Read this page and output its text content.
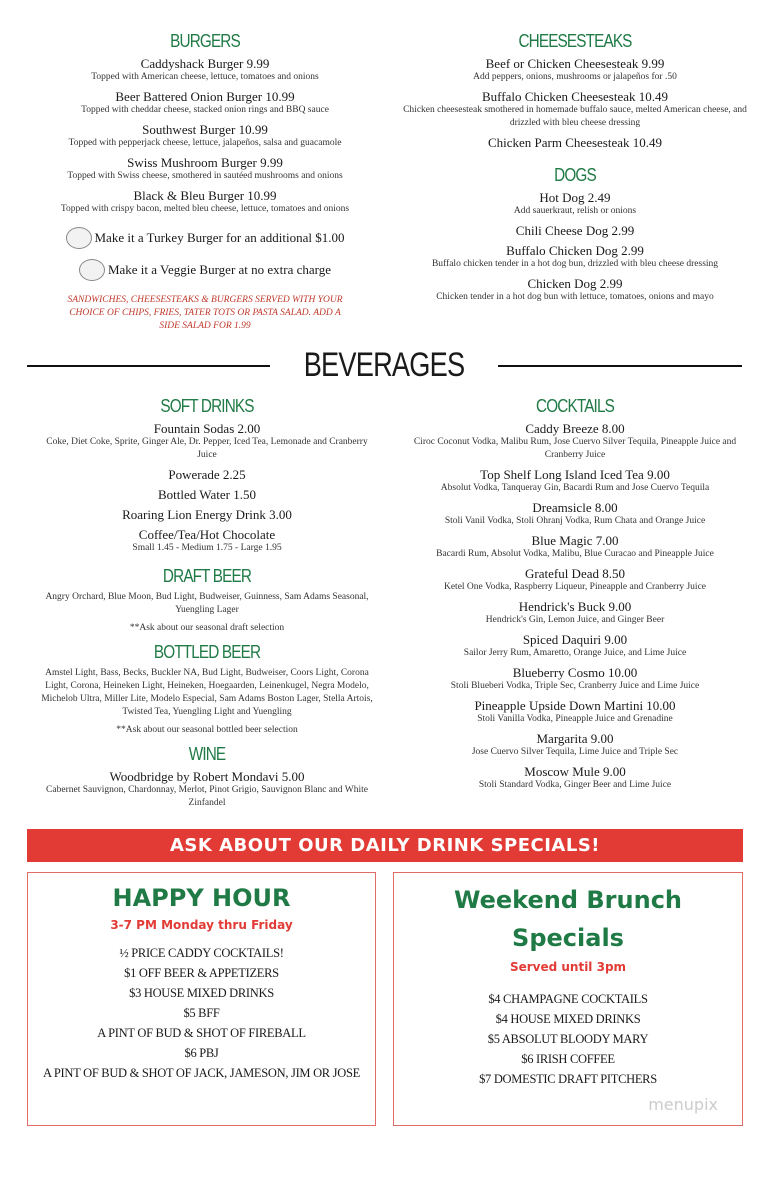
BURGERS
Caddyshack Burger 9.99
Topped with American cheese, lettuce, tomatoes and onions
Beer Battered Onion Burger 10.99
Topped with cheddar cheese, stacked onion rings and BBQ sauce
Southwest Burger 10.99
Topped with pepperjack cheese, lettuce, jalapeños, salsa and guacamole
Swiss Mushroom Burger 9.99
Topped with Swiss cheese, smothered in sautéed mushrooms and onions
Black & Bleu Burger 10.99
Topped with crispy bacon, melted bleu cheese, lettuce, tomatoes and onions
Make it a Turkey Burger for an additional $1.00
Make it a Veggie Burger at no extra charge
SANDWICHES, CHEESESTEAKS & BURGERS SERVED WITH YOUR CHOICE OF CHIPS, FRIES, TATER TOTS OR PASTA SALAD. ADD A SIDE SALAD FOR 1.99
CHEESESTEAKS
Beef or Chicken Cheesesteak 9.99
Add peppers, onions, mushrooms or jalapeños for .50
Buffalo Chicken Cheesesteak 10.49
Chicken cheesesteak smothered in homemade buffalo sauce, melted American cheese, and drizzled with bleu cheese dressing
Chicken Parm Cheesesteak 10.49
DOGS
Hot Dog 2.49
Add sauerkraut, relish or onions
Chili Cheese Dog 2.99
Buffalo Chicken Dog 2.99
Buffalo chicken tender in a hot dog bun, drizzled with bleu cheese dressing
Chicken Dog 2.99
Chicken tender in a hot dog bun with lettuce, tomatoes, onions and mayo
BEVERAGES
SOFT DRINKS
Fountain Sodas 2.00
Coke, Diet Coke, Sprite, Ginger Ale, Dr. Pepper, Iced Tea, Lemonade and Cranberry Juice
Powerade 2.25
Bottled Water 1.50
Roaring Lion Energy Drink 3.00
Coffee/Tea/Hot Chocolate
Small 1.45 - Medium 1.75 - Large 1.95
DRAFT BEER
Angry Orchard, Blue Moon, Bud Light, Budweiser, Guinness, Sam Adams Seasonal, Yuengling Lager
**Ask about our seasonal draft selection
BOTTLED BEER
Amstel Light, Bass, Becks, Buckler NA, Bud Light, Budweiser, Coors Light, Corona Light, Corona, Heineken Light, Heineken, Hoegaarden, Leinenkugel, Negra Modelo, Michelob Ultra, Miller Lite, Modelo Especial, Sam Adams Boston Lager, Stella Artois, Twisted Tea, Yuengling Light and Yuengling
**Ask about our seasonal bottled beer selection
WINE
Woodbridge by Robert Mondavi 5.00
Cabernet Sauvignon, Chardonnay, Merlot, Pinot Grigio, Sauvignon Blanc and White Zinfandel
COCKTAILS
Caddy Breeze 8.00
Ciroc Coconut Vodka, Malibu Rum, Jose Cuervo Silver Tequila, Pineapple Juice and Cranberry Juice
Top Shelf Long Island Iced Tea 9.00
Absolut Vodka, Tanqueray Gin, Bacardi Rum and Jose Cuervo Tequila
Dreamsicle 8.00
Stoli Vanil Vodka, Stoli Ohranj Vodka, Rum Chata and Orange Juice
Blue Magic 7.00
Bacardi Rum, Absolut Vodka, Malibu, Blue Curacao and Pineapple Juice
Grateful Dead 8.50
Ketel One Vodka, Raspberry Liqueur, Pineapple and Cranberry Juice
Hendrick's Buck 9.00
Hendrick's Gin, Lemon Juice, and Ginger Beer
Spiced Daquiri 9.00
Sailor Jerry Rum, Amaretto, Orange Juice, and Lime Juice
Blueberry Cosmo 10.00
Stoli Blueberi Vodka, Triple Sec, Cranberry Juice and Lime Juice
Pineapple Upside Down Martini 10.00
Stoli Vanilla Vodka, Pineapple Juice and Grenadine
Margarita 9.00
Jose Cuervo Silver Tequila, Lime Juice and Triple Sec
Moscow Mule 9.00
Stoli Standard Vodka, Ginger Beer and Lime Juice
ASK ABOUT OUR DAILY DRINK SPECIALS!
HAPPY HOUR
3-7 PM Monday thru Friday
½ PRICE CADDY COCKTAILS!
$1 OFF BEER & APPETIZERS
$3 HOUSE MIXED DRINKS
$5 BFF
A PINT OF BUD & SHOT OF FIREBALL
$6 PBJ
A PINT OF BUD & SHOT OF JACK, JAMESON, JIM OR JOSE
Weekend Brunch Specials
Served until 3pm
$4 CHAMPAGNE COCKTAILS
$4 HOUSE MIXED DRINKS
$5 ABSOLUT BLOODY MARY
$6 IRISH COFFEE
$7 DOMESTIC DRAFT PITCHERS
menupix
